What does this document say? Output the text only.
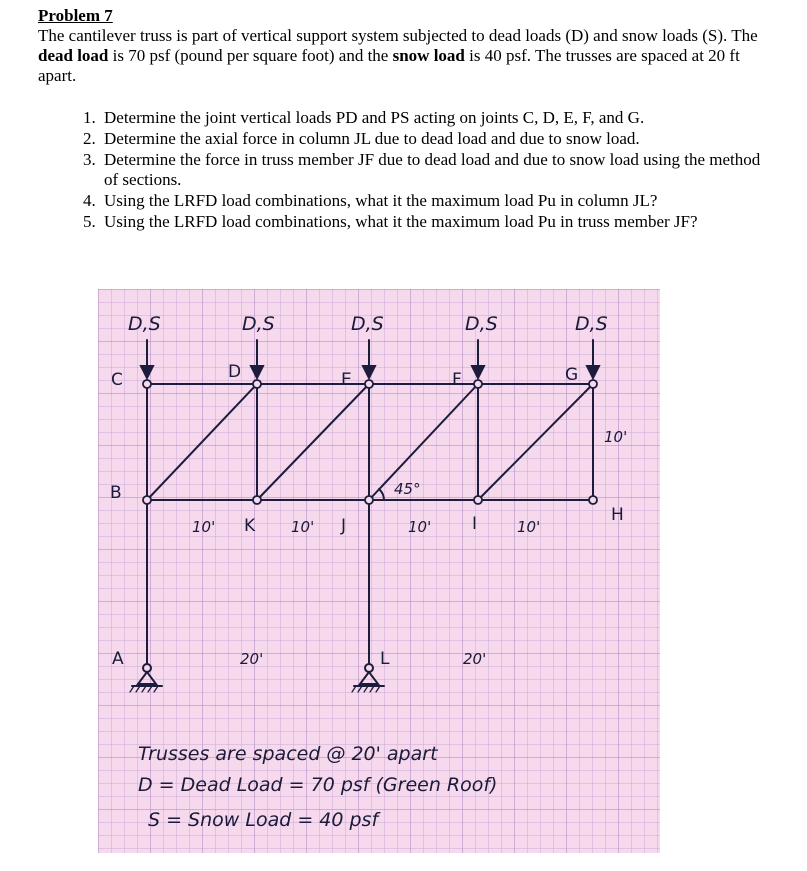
Problem 7

The cantilever truss is part of vertical support system subjected to dead loads (D) and snow loads (S). The dead load is 70 psf (pound per square foot) and the snow load is 40 psf. The trusses are spaced at 20 ft apart.

1. Determine the joint vertical loads PD and PS acting on joints C, D, E, F, and G.
2. Determine the axial force in column JL due to dead load and due to snow load.
3. Determine the force in truss member JF due to dead load and due to snow load using the method of sections.
4. Using the LRFD load combinations, what it the maximum load Pu in column JL?
5. Using the LRFD load combinations, what it the maximum load Pu in truss member JF?
D,S	D,S	D,S	D,S	D,S
C	D	E	F	G
B
H
K	J	I
A	L
10'	10'	10'	10'
10'
45°
20'	20'
Trusses are spaced @ 20' apart
D = Dead Load = 70 psf (Green Roof)
S = Snow Load = 40 psf
